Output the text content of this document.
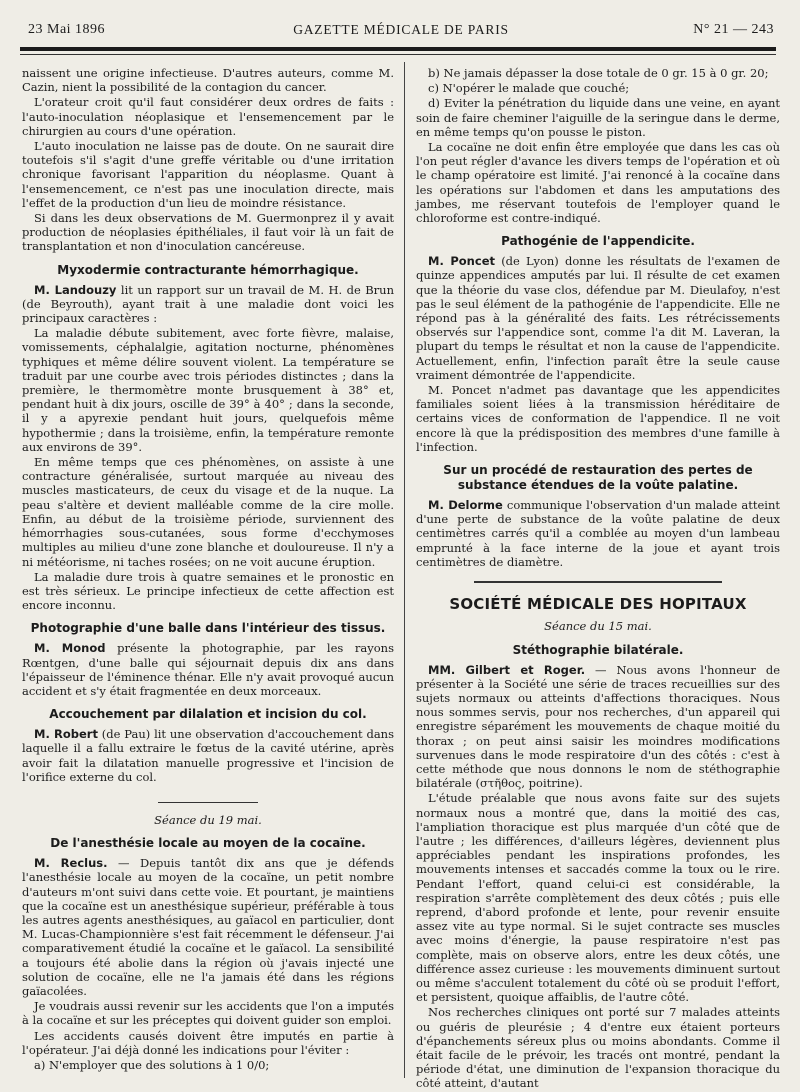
23 Mai 1896	GAZETTE MÉDICALE DE PARIS	N° 21 — 243

naissent une origine infectieuse. D'autres auteurs, comme M. Cazin, nient la possibilité de la contagion du cancer.

L'orateur croit qu'il faut considérer deux ordres de faits : l'auto-inoculation néoplasique et l'ensemencement par le chirurgien au cours d'une opération.

L'auto inoculation ne laisse pas de doute. On ne saurait dire toutefois s'il s'agit d'une greffe véritable ou d'une irritation chronique favorisant l'apparition du néoplasme. Quant à l'ensemencement, ce n'est pas une inoculation directe, mais l'effet de la production d'un lieu de moindre résistance.

Si dans les deux observations de M. Guermonprez il y avait production de néoplasies épithéliales, il faut voir là un fait de transplantation et non d'inoculation cancéreuse.

Myxodermie contracturante hémorrhagique.

M. Landouzy lit un rapport sur un travail de M. H. de Brun (de Beyrouth), ayant trait à une maladie dont voici les principaux caractères :

La maladie débute subitement, avec forte fièvre, malaise, vomissements, céphalalgie, agitation nocturne, phénomènes typhiques et même délire souvent violent. La température se traduit par une courbe avec trois périodes distinctes ; dans la première, le thermomètre monte brusquement à 38° et, pendant huit à dix jours, oscille de 39° à 40° ; dans la seconde, il y a apyrexie pendant huit jours, quelquefois même hypothermie ; dans la troisième, enfin, la température remonte aux environs de 39°.

En même temps que ces phénomènes, on assiste à une contracture généralisée, surtout marquée au niveau des muscles masticateurs, de ceux du visage et de la nuque. La peau s'altère et devient malléable comme de la cire molle. Enfin, au début de la troisième période, surviennent des hémorrhagies sous-cutanées, sous forme d'ecchymoses multiples au milieu d'une zone blanche et douloureuse. Il n'y a ni météorisme, ni taches rosées; on ne voit aucune éruption.

La maladie dure trois à quatre semaines et le pronostic en est très sérieux. Le principe infectieux de cette affection est encore inconnu.

Photographie d'une balle dans l'intérieur des tissus.

M. Monod présente la photographie, par les rayons Rœntgen, d'une balle qui séjournait depuis dix ans dans l'épaisseur de l'éminence thénar. Elle n'y avait provoqué aucun accident et s'y était fragmentée en deux morceaux.

Accouchement par dilalation et incision du col.

M. Robert (de Pau) lit une observation d'accouchement dans laquelle il a fallu extraire le fœtus de la cavité utérine, après avoir fait la dilatation manuelle progressive et l'incision de l'orifice externe du col.

Séance du 19 mai.
De l'anesthésie locale au moyen de la cocaïne.

M. Reclus. — Depuis tantôt dix ans que je défends l'anesthésie locale au moyen de la cocaïne, un petit nombre d'auteurs m'ont suivi dans cette voie. Et pourtant, je maintiens que la cocaïne est un anesthésique supérieur, préférable à tous les autres agents anesthésiques, au gaïacol en particulier, dont M. Lucas-Championnière s'est fait récemment le défenseur. J'ai comparativement étudié la cocaïne et le gaïacol. La sensibilité a toujours été abolie dans la région où j'avais injecté une solution de cocaïne, elle ne l'a jamais été dans les régions gaïacolées.

Je voudrais aussi revenir sur les accidents que l'on a imputés à la cocaïne et sur les préceptes qui doivent guider son emploi.

Les accidents causés doivent être imputés en partie à l'opérateur. J'ai déjà donné les indications pour l'éviter :

a) N'employer que des solutions à 1 0/0;

b) Ne jamais dépasser la dose totale de 0 gr. 15 à 0 gr. 20;

c) N'opérer le malade que couché;

d) Eviter la pénétration du liquide dans une veine, en ayant soin de faire cheminer l'aiguille de la seringue dans le derme, en même temps qu'on pousse le piston.

La cocaïne ne doit enfin être employée que dans les cas où l'on peut régler d'avance les divers temps de l'opération et où le champ opératoire est limité. J'ai renoncé à la cocaïne dans les opérations sur l'abdomen et dans les amputations des jambes, me réservant toutefois de l'employer quand le chloroforme est contre-indiqué.

Pathogénie de l'appendicite.

M. Poncet (de Lyon) donne les résultats de l'examen de quinze appendices amputés par lui. Il résulte de cet examen que la théorie du vase clos, défendue par M. Dieulafoy, n'est pas le seul élément de la pathogénie de l'appendicite. Elle ne répond pas à la généralité des faits. Les rétrécissements observés sur l'appendice sont, comme l'a dit M. Laveran, la plupart du temps le résultat et non la cause de l'appendicite. Actuellement, enfin, l'infection paraît être la seule cause vraiment démontrée de l'appendicite.

M. Poncet n'admet pas davantage que les appendicites familiales soient liées à la transmission héréditaire de certains vices de conformation de l'appendice. Il ne voit encore là que la prédisposition des membres d'une famille à l'infection.

Sur un procédé de restauration des pertes de substance étendues de la voûte palatine.

M. Delorme communique l'observation d'un malade atteint d'une perte de substance de la voûte palatine de deux centimètres carrés qu'il a comblée au moyen d'un lambeau emprunté à la face interne de la joue et ayant trois centimètres de diamètre.

SOCIÉTÉ MÉDICALE DES HOPITAUX
Séance du 15 mai.
Stéthographie bilatérale.

MM. Gilbert et Roger. — Nous avons l'honneur de présenter à la Société une série de traces recueillies sur des sujets normaux ou atteints d'affections thoraciques. Nous nous sommes servis, pour nos recherches, d'un appareil qui enregistre séparément les mouvements de chaque moitié du thorax ; on peut ainsi saisir les moindres modifications survenues dans le mode respiratoire d'un des côtés : c'est à cette méthode que nous donnons le nom de stéthographie bilatérale (στῆθος, poitrine).

L'étude préalable que nous avons faite sur des sujets normaux nous a montré que, dans la moitié des cas, l'ampliation thoracique est plus marquée d'un côté que de l'autre ; les différences, d'ailleurs légères, deviennent plus appréciables pendant les inspirations profondes, les mouvements intenses et saccadés comme la toux ou le rire. Pendant l'effort, quand celui-ci est considérable, la respiration s'arrête complètement des deux côtés ; puis elle reprend, d'abord profonde et lente, pour revenir ensuite assez vite au type normal. Si le sujet contracte ses muscles avec moins d'énergie, la pause respiratoire n'est pas complète, mais on observe alors, entre les deux côtés, une différence assez curieuse : les mouvements diminuent surtout ou même s'acculent totalement du côté où se produit l'effort, et persistent, quoique affaiblis, de l'autre côté.

Nos recherches cliniques ont porté sur 7 malades atteints ou guéris de pleurésie ; 4 d'entre eux étaient porteurs d'épanchements séreux plus ou moins abondants. Comme il était facile de le prévoir, les tracés ont montré, pendant la période d'état, une diminution de l'expansion thoracique du côté atteint, d'autant
